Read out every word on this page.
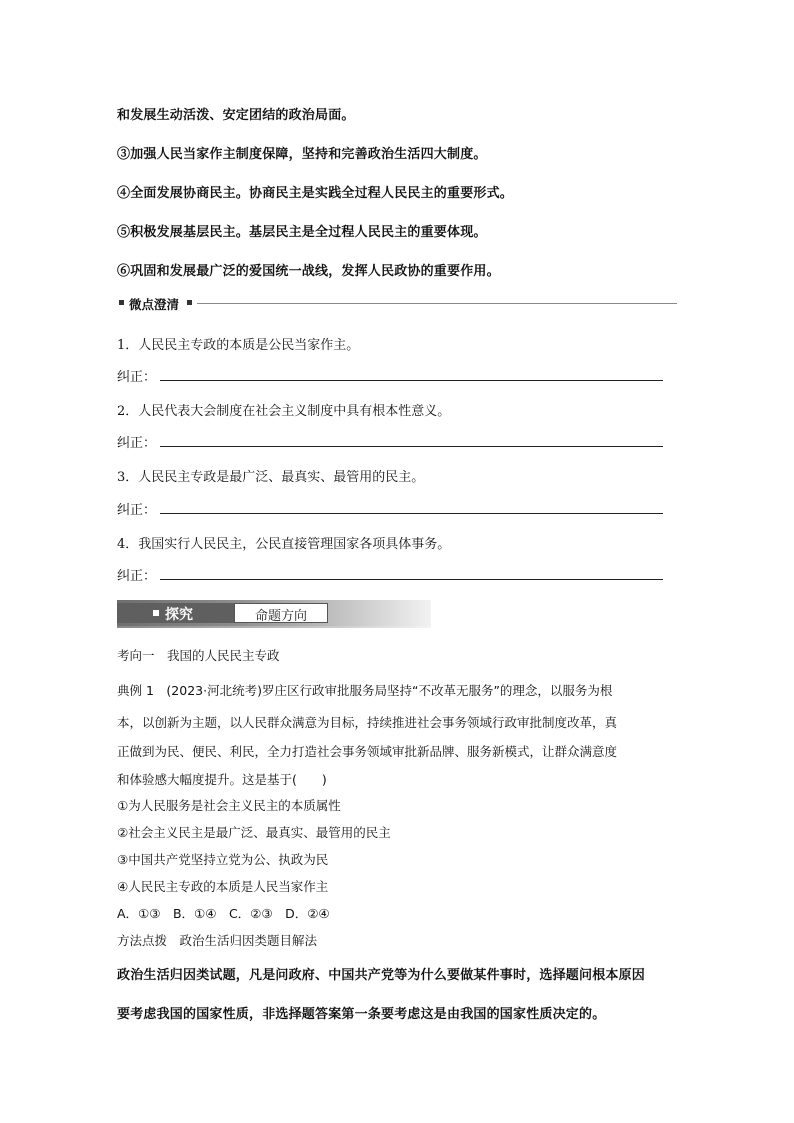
和发展生动活泼、安定团结的政治局面。
③加强人民当家作主制度保障，坚持和完善政治生活四大制度。
④全面发展协商民主。协商民主是实践全过程人民民主的重要形式。
⑤积极发展基层民主。基层民主是全过程人民民主的重要体现。
⑥巩固和发展最广泛的爱国统一战线，发挥人民政协的重要作用。
微点澄清
1．人民民主专政的本质是公民当家作主。
纠正：
2．人民代表大会制度在社会主义制度中具有根本性意义。
纠正：
3．人民民主专政是最广泛、最真实、最管用的民主。
纠正：
4．我国实行人民民主，公民直接管理国家各项具体事务。
纠正：
探究	命题方向
考向一　我国的人民民主专政
典例 1　(2023·河北统考)罗庄区行政审批服务局坚持“不改革无服务”的理念，以服务为根
本，以创新为主题，以人民群众满意为目标，持续推进社会事务领域行政审批制度改革，真
正做到为民、便民、利民，全力打造社会事务领域审批新品牌、服务新模式，让群众满意度
和体验感大幅度提升。这是基于(　　)
①为人民服务是社会主义民主的本质属性
②社会主义民主是最广泛、最真实、最管用的民主
③中国共产党坚持立党为公、执政为民
④人民民主专政的本质是人民当家作主
A．①③　B．①④　C．②③　D．②④
方法点拨　政治生活归因类题目解法
政治生活归因类试题，凡是问政府、中国共产党等为什么要做某件事时，选择题问根本原因
要考虑我国的国家性质，非选择题答案第一条要考虑这是由我国的国家性质决定的。
